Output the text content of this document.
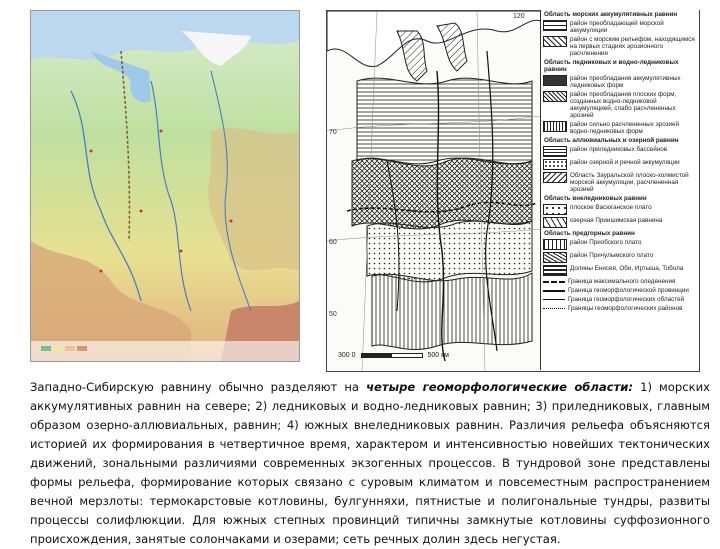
120
70
60
50
Область морских аккумулятивных равнин
район преобладающей морской аккумуляции
район с морским рельефом, находящимся на первых стадиях эрозионного расчленения
Область ледниковых и водно-ледниковых равнин
район преобладания аккумулятивных ледниковых форм
район преобладания плоских форм, созданных водно-ледниковой аккумуляцией, слабо расчлененных эрозией
район сильно расчлененных эрозией водно-ледниковых форм
Область аллювиальных и озерной равнин
район приледниковых бассейнов
район озерной и речной аккумуляции
Область Зауральской плоско-холмистой морской аккумуляции, расчлененная эрозией
Область внеледниковых равнин
плоское Васюганское плато
озерная Приишимская равнина
Область предгорных равнин
район Приобского плато
район Причулымского плато
Долины Енисея, Оби, Иртыша, Тобола
Граница максимального оледенения
Граница геоморфологической провинции
Граница геоморфологических областей
Границы геоморфологических районов
300 0	500 км
Западно-Сибирскую равнину обычно разделяют на четыре геоморфологические области: 1) морских аккумулятивных равнин на севере; 2) ледниковых и водно-ледниковых равнин; 3) приледниковых, главным образом озерно-аллювиальных, равнин; 4) южных внеледниковых равнин. Различия рельефа объясняются историей их формирования в четвертичное время, характером и интенсивностью новейших тектонических движений, зональными различиями современных экзогенных процессов. В тундровой зоне представлены формы рельефа, формирование которых связано с суровым климатом и повсеместным распространением вечной мерзлоты: термокарстовые котловины, булгунняхи, пятнистые и полигональные тундры, развиты процессы солифлюкции. Для южных степных провинций типичны замкнутые котловины суффозионного происхождения, занятые солончаками и озерами; сеть речных долин здесь негустая.
